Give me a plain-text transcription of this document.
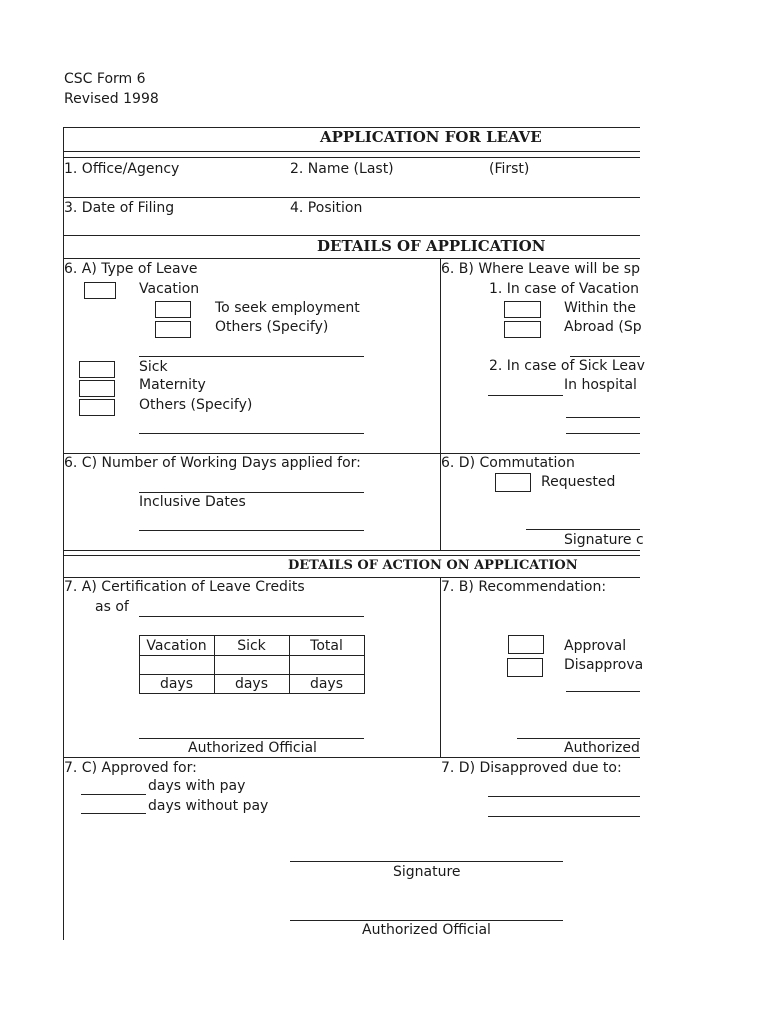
CSC Form 6
Revised 1998
APPLICATION FOR LEAVE
1. Office/Agency	2. Name (Last)	(First)
3. Date of Filing	4. Position
DETAILS OF APPLICATION
6. A) Type of Leave
Vacation
To seek employment
Others (Specify)
Sick
Maternity
Others (Specify)
6. B) Where Leave will be sp
1. In case of Vacation
Within the
Abroad (Sp
2. In case of Sick Leav
In hospital
6. C) Number of Working Days applied for:
Inclusive Dates
6. D) Commutation
Requested
Signature c
DETAILS OF ACTION ON APPLICATION
7. A) Certification of Leave Credits
as of
Vacation	Sick	Total
days	days	days
Authorized Official
7. B) Recommendation:
Approval
Disapprova
Authorized
7. C) Approved for:
days with pay
days without pay
7. D) Disapproved due to:
Signature
Authorized Official
